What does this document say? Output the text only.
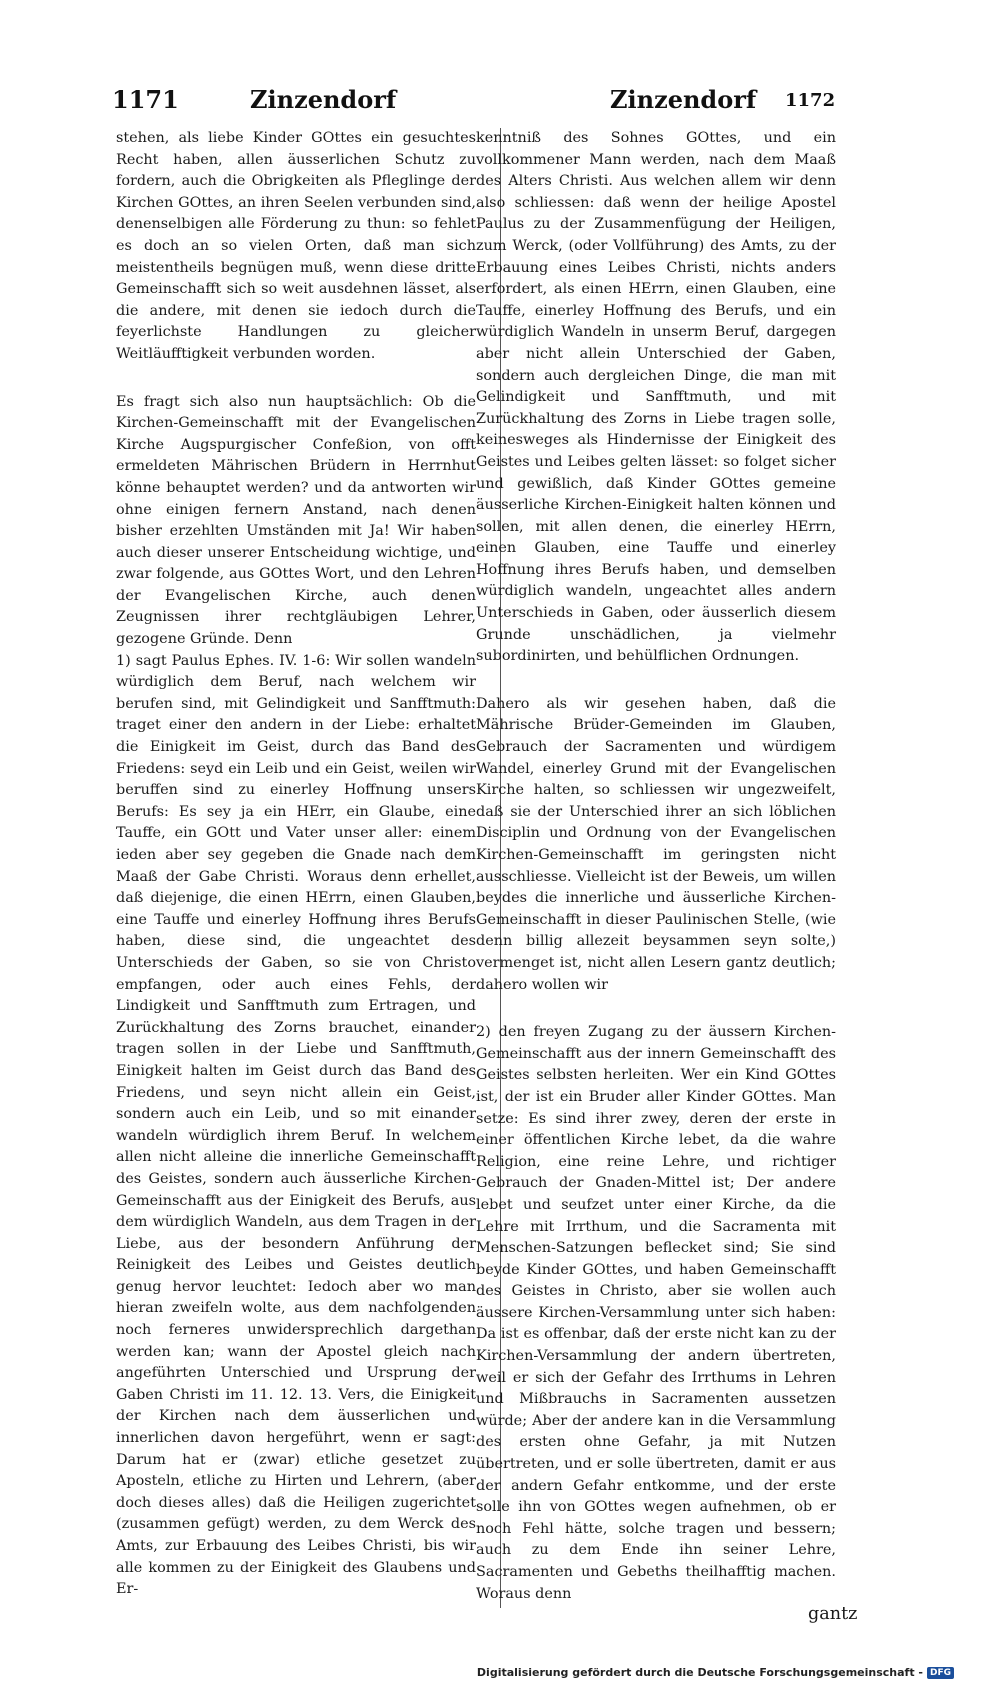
1171	Zinzendorf	Zinzendorf 1172

stehen, als liebe Kinder GOttes ein gesuchtes Recht haben, allen äusserlichen Schutz zu fordern, auch die Obrigkeiten als Pfleglinge der Kirchen GOttes, an ihren Seelen verbunden sind, denenselbigen alle Förderung zu thun: so fehlet es doch an so vielen Orten, daß man sich meistentheils begnügen muß, wenn diese dritte Gemeinschafft sich so weit ausdehnen lässet, als die andere, mit denen sie iedoch durch die feyerlichste Handlungen zu gleicher Weitläufftigkeit verbunden worden.

Es fragt sich also nun hauptsächlich: Ob die Kirchen-Gemeinschafft mit der Evangelischen Kirche Augspurgischer Confeßion, von offt ermeldeten Mährischen Brüdern in Herrnhut könne behauptet werden? und da antworten wir ohne einigen fernern Anstand, nach denen bisher erzehlten Umständen mit Ja! Wir haben auch dieser unserer Entscheidung wichtige, und zwar folgende, aus GOttes Wort, und den Lehren der Evangelischen Kirche, auch denen Zeugnissen ihrer rechtgläubigen Lehrer, gezogene Gründe. Denn

1) sagt Paulus Ephes. IV. 1-6: Wir sollen wandeln würdiglich dem Beruf, nach welchem wir berufen sind, mit Gelindigkeit und Sanfftmuth: traget einer den andern in der Liebe: erhaltet die Einigkeit im Geist, durch das Band des Friedens: seyd ein Leib und ein Geist, weilen wir beruffen sind zu einerley Hoffnung unsers Berufs: Es sey ja ein HErr, ein Glaube, eine Tauffe, ein GOtt und Vater unser aller: einem ieden aber sey gegeben die Gnade nach dem Maaß der Gabe Christi. Woraus denn erhellet, daß diejenige, die einen HErrn, einen Glauben, eine Tauffe und einerley Hoffnung ihres Berufs haben, diese sind, die ungeachtet des Unterschieds der Gaben, so sie von Christo empfangen, oder auch eines Fehls, der Lindigkeit und Sanfftmuth zum Ertragen, und Zurückhaltung des Zorns brauchet, einander tragen sollen in der Liebe und Sanfftmuth, Einigkeit halten im Geist durch das Band des Friedens, und seyn nicht allein ein Geist, sondern auch ein Leib, und so mit einander wandeln würdiglich ihrem Beruf. In welchem allen nicht alleine die innerliche Gemeinschafft des Geistes, sondern auch äusserliche Kirchen-Gemeinschafft aus der Einigkeit des Berufs, aus dem würdiglich Wandeln, aus dem Tragen in der Liebe, aus der besondern Anführung der Reinigkeit des Leibes und Geistes deutlich genug hervor leuchtet: Iedoch aber wo man hieran zweifeln wolte, aus dem nachfolgenden noch ferneres unwidersprechlich dargethan werden kan; wann der Apostel gleich nach angeführten Unterschied und Ursprung der Gaben Christi im 11. 12. 13. Vers, die Einigkeit der Kirchen nach dem äusserlichen und innerlichen davon hergeführt, wenn er sagt: Darum hat er (zwar) etliche gesetzet zu Aposteln, etliche zu Hirten und Lehrern, (aber doch dieses alles) daß die Heiligen zugerichtet (zusammen gefügt) werden, zu dem Werck des Amts, zur Erbauung des Leibes Christi, bis wir alle kommen zu der Einigkeit des Glaubens und Er-

kenntniß des Sohnes GOttes, und ein vollkommener Mann werden, nach dem Maaß des Alters Christi. Aus welchen allem wir denn also schliessen: daß wenn der heilige Apostel Paulus zu der Zusammenfügung der Heiligen, zum Werck, (oder Vollführung) des Amts, zu der Erbauung eines Leibes Christi, nichts anders erfordert, als einen HErrn, einen Glauben, eine Tauffe, einerley Hoffnung des Berufs, und ein würdiglich Wandeln in unserm Beruf, dargegen aber nicht allein Unterschied der Gaben, sondern auch dergleichen Dinge, die man mit Gelindigkeit und Sanfftmuth, und mit Zurückhaltung des Zorns in Liebe tragen solle, keinesweges als Hindernisse der Einigkeit des Geistes und Leibes gelten lässet: so folget sicher und gewißlich, daß Kinder GOttes gemeine äusserliche Kirchen-Einigkeit halten können und sollen, mit allen denen, die einerley HErrn, einen Glauben, eine Tauffe und einerley Hoffnung ihres Berufs haben, und demselben würdiglich wandeln, ungeachtet alles andern Unterschieds in Gaben, oder äusserlich diesem Grunde unschädlichen, ja vielmehr subordinirten, und behülflichen Ordnungen.

Dahero als wir gesehen haben, daß die Mährische Brüder-Gemeinden im Glauben, Gebrauch der Sacramenten und würdigem Wandel, einerley Grund mit der Evangelischen Kirche halten, so schliessen wir ungezweifelt, daß sie der Unterschied ihrer an sich löblichen Disciplin und Ordnung von der Evangelischen Kirchen-Gemeinschafft im geringsten nicht ausschliesse. Vielleicht ist der Beweis, um willen beydes die innerliche und äusserliche Kirchen-Gemeinschafft in dieser Paulinischen Stelle, (wie denn billig allezeit beysammen seyn solte,) vermenget ist, nicht allen Lesern gantz deutlich; dahero wollen wir

2) den freyen Zugang zu der äussern Kirchen-Gemeinschafft aus der innern Gemeinschafft des Geistes selbsten herleiten. Wer ein Kind GOttes ist, der ist ein Bruder aller Kinder GOttes. Man setze: Es sind ihrer zwey, deren der erste in einer öffentlichen Kirche lebet, da die wahre Religion, eine reine Lehre, und richtiger Gebrauch der Gnaden-Mittel ist; Der andere lebet und seufzet unter einer Kirche, da die Lehre mit Irrthum, und die Sacramenta mit Menschen-Satzungen beflecket sind; Sie sind beyde Kinder GOttes, und haben Gemeinschafft des Geistes in Christo, aber sie wollen auch äussere Kirchen-Versammlung unter sich haben: Da ist es offenbar, daß der erste nicht kan zu der Kirchen-Versammlung der andern übertreten, weil er sich der Gefahr des Irrthums in Lehren und Mißbrauchs in Sacramenten aussetzen würde; Aber der andere kan in die Versammlung des ersten ohne Gefahr, ja mit Nutzen übertreten, und er solle übertreten, damit er aus der andern Gefahr entkomme, und der erste solle ihn von GOttes wegen aufnehmen, ob er noch Fehl hätte, solche tragen und bessern; auch zu dem Ende ihn seiner Lehre, Sacramenten und Gebeths theilhafftig machen. Woraus denn

gantz
Digitalisierung gefördert durch die Deutsche Forschungsgemeinschaft - DFG
